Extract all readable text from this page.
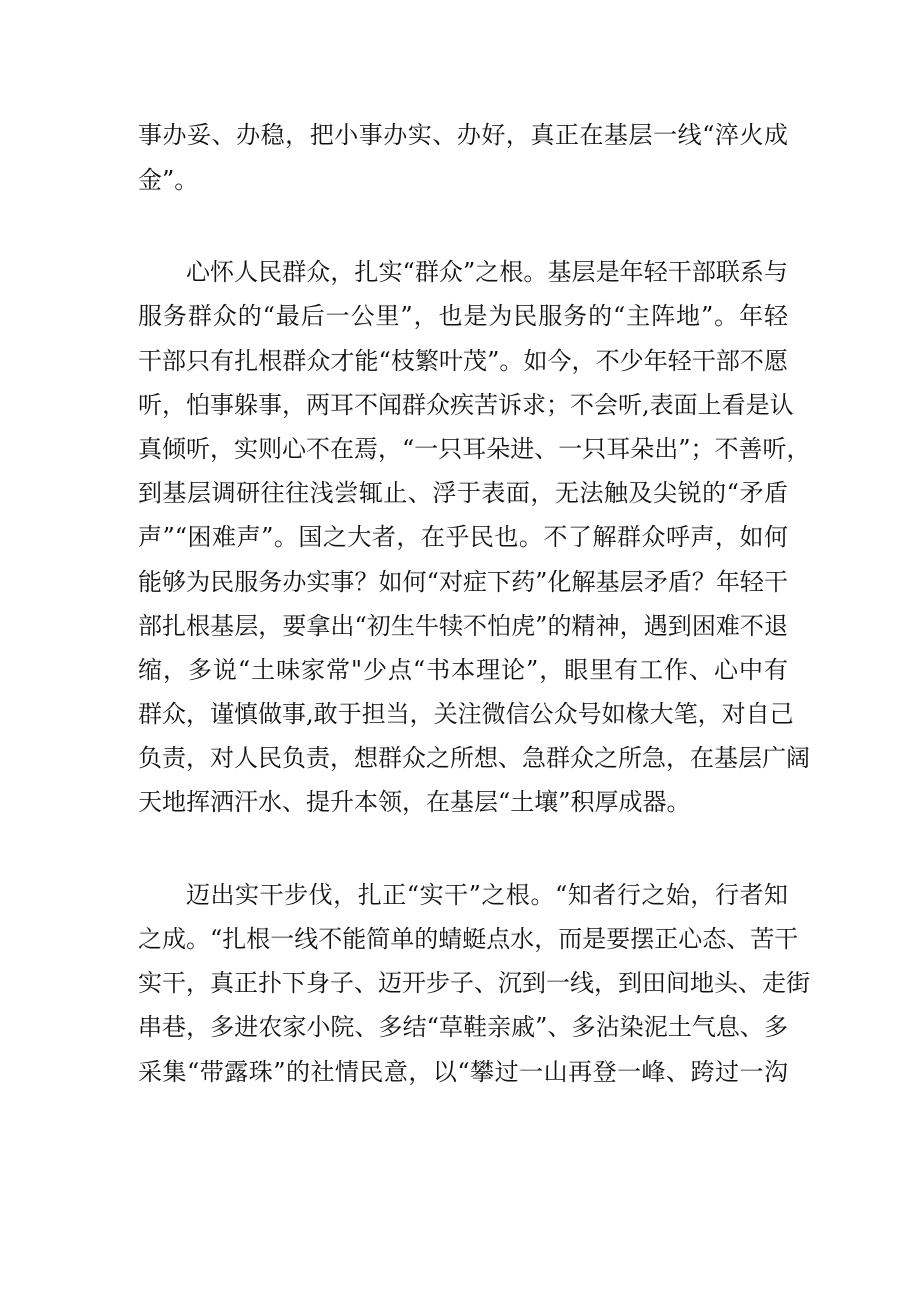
事办妥、办稳，把小事办实、办好，真正在基层一线“淬火成
金”。
心怀人民群众，扎实“群众”之根。基层是年轻干部联系与
服务群众的“最后一公里”，也是为民服务的“主阵地”。年轻
干部只有扎根群众才能“枝繁叶茂”。如今，不少年轻干部不愿
听，怕事躲事，两耳不闻群众疾苦诉求；不会听,表面上看是认
真倾听，实则心不在焉，“一只耳朵进、一只耳朵出”；不善听，
到基层调研往往浅尝辄止、浮于表面，无法触及尖锐的“矛盾
声”“困难声”。国之大者，在乎民也。不了解群众呼声，如何
能够为民服务办实事？如何“对症下药”化解基层矛盾？年轻干
部扎根基层，要拿出“初生牛犊不怕虎”的精神，遇到困难不退
缩，多说“土味家常"少点“书本理论”，眼里有工作、心中有
群众，谨慎做事,敢于担当，关注微信公众号如椽大笔，对自己
负责，对人民负责，想群众之所想、急群众之所急，在基层广阔
天地挥洒汗水、提升本领，在基层“土壤”积厚成器。
迈出实干步伐，扎正“实干”之根。“知者行之始，行者知
之成。“扎根一线不能简单的蜻蜓点水，而是要摆正心态、苦干
实干，真正扑下身子、迈开步子、沉到一线，到田间地头、走街
串巷，多进农家小院、多结“草鞋亲戚”、多沾染泥土气息、多
采集“带露珠”的社情民意，以“攀过一山再登一峰、跨过一沟
